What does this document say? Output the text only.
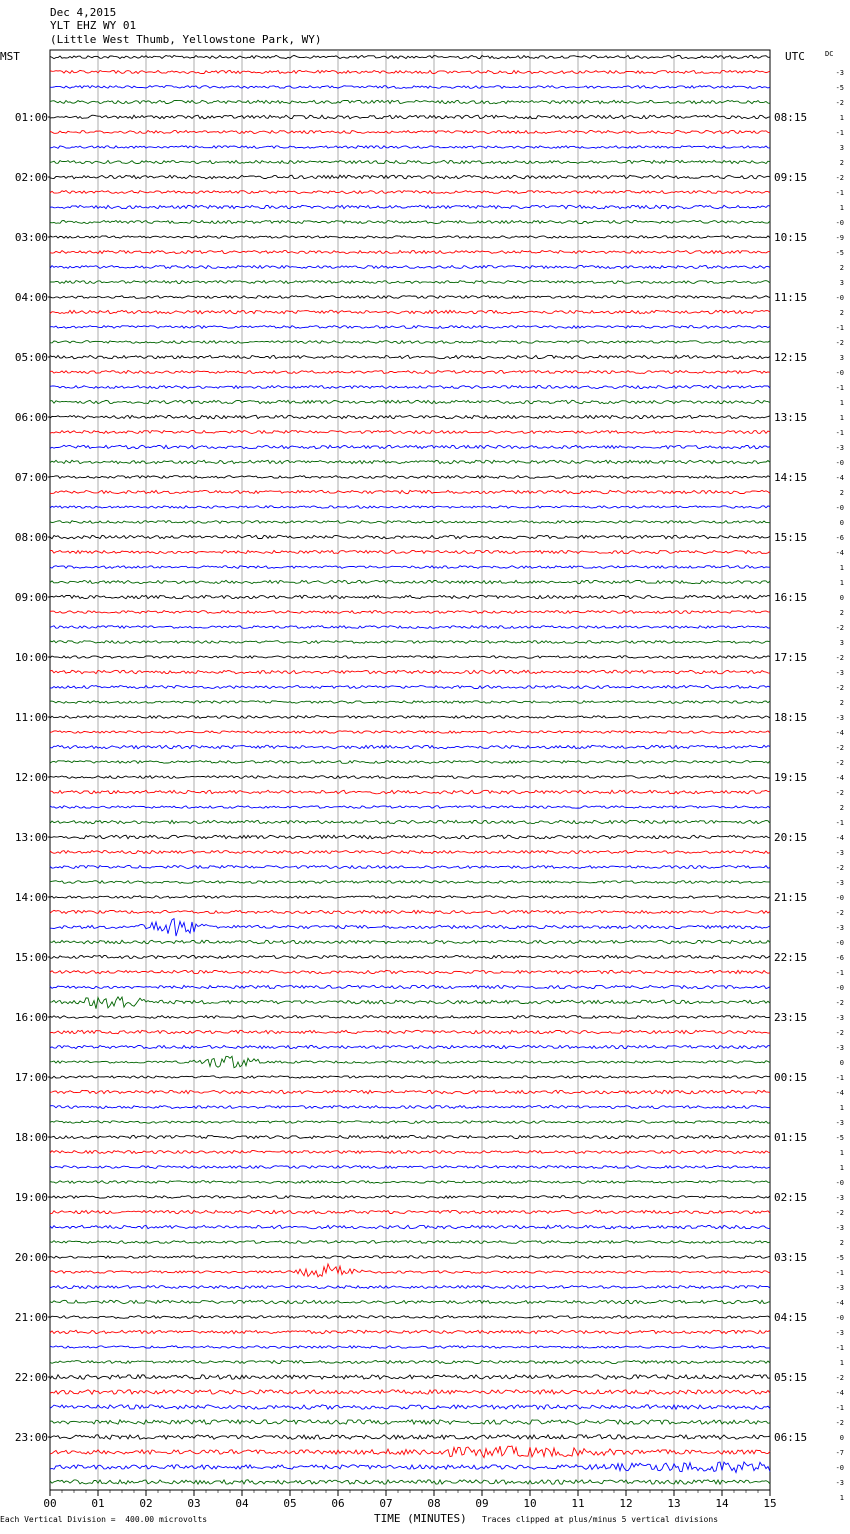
Dec 4,2015
YLT EHZ WY 01
(Little West Thumb, Yellowstone Park, WY)
MST	UTC	DC
00	01	02	03	04	05	06	07	08	09	10	11	12	13	14	15
-3
-5
-2
1
-1
3
2
-2
-1
1
-0
-9
-5
2
3
-0
2
-1
-2
3
-0
-1
1
1
-1
-3
-0
-4
2
-0
0
-6
-4
1
1
0
2
-2
3
-2
-3
-2
2
-3
-4
-2
-2
-4
-2
2
-1
-4
-3
-2
-3
-0
-2
-3
-0
-6
-1
-0
-2
-3
-2
-3
0
-1
-4
1
-3
-5
1
1
-0
-3
-2
-3
2
-5
-1
-3
-4
-0
-3
-1
1
-2
-4
-1
-2
0
-7
-0
-3
1
01:00
02:00
03:00
04:00
05:00
06:00
07:00
08:00
09:00
10:00
11:00
12:00
13:00
14:00
15:00
16:00
17:00
18:00
19:00
20:00
21:00
22:00
23:00
08:15
09:15
10:15
11:15
12:15
13:15
14:15
15:15
16:15
17:15
18:15
19:15
20:15
21:15
22:15
23:15
00:15
01:15
02:15
03:15
04:15
05:15
06:15
Each Vertical Division =  400.00 microvolts	TIME (MINUTES) Traces clipped at plus/minus 5 vertical divisions
